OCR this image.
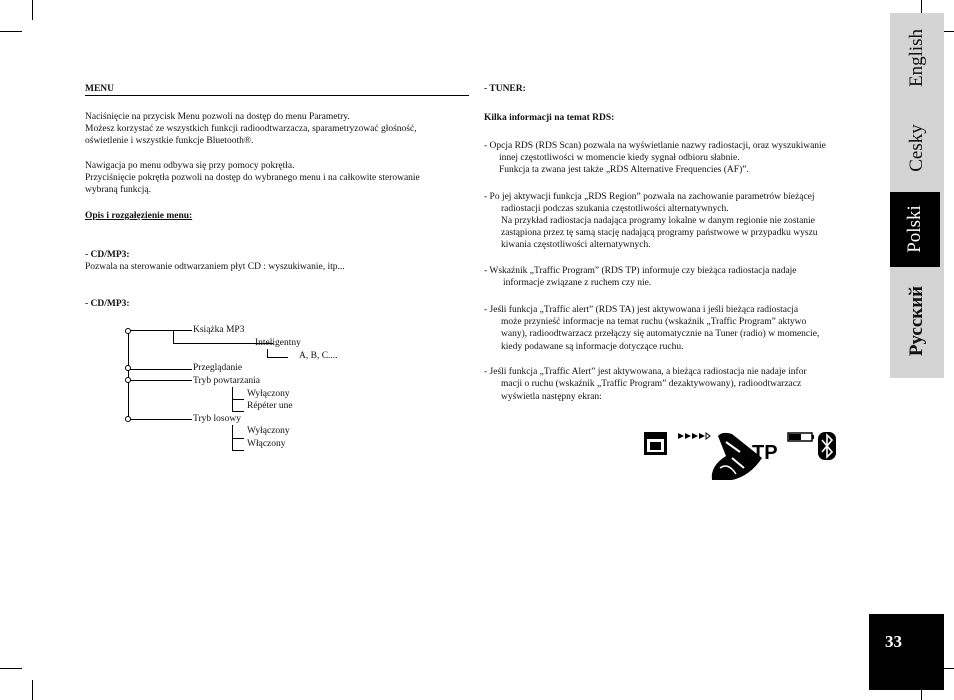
MENU
Naciśnięcie na przycisk Menu pozwoli na dostęp do menu Parametry.
Możesz korzystać ze wszystkich funkcji radioodtwarzacza, sparametryzować głośność,
oświetlenie i wszystkie funkcje Bluetooth®.
Nawigacja po menu odbywa się przy pomocy pokrętła.
Przyciśnięcie pokrętła pozwoli na dostęp do wybranego menu i na całkowite sterowanie
wybraną funkcją.
Opis i rozgałęzienie menu:
- CD/MP3:
Pozwala na sterowanie odtwarzaniem płyt CD : wyszukiwanie, itp...
- CD/MP3:
Książka MP3
Inteligentny
A, B, C....
Przeglądanie
Tryb powtarzania
Wyłączony
Répéter une
Tryb losowy
Wyłączony
Włączony
- TUNER:
Kilka informacji na temat RDS:
- Opcja RDS (RDS Scan) pozwala na wyświetlanie nazwy radiostacji, oraz wyszukiwanie
innej częstotliwości w momencie kiedy sygnał odbioru słabnie.
Funkcja ta zwana jest także „RDS Alternative Frequencies (AF)”.
- Po jej aktywacji funkcja „RDS Region” pozwala na zachowanie parametrów bieżącej
radiostacji podczas szukania częstotliwości alternatywnych.
Na przykład radiostacja nadająca programy lokalne w danym regionie nie zostanie
zastąpiona przez tę samą stację nadającą programy państwowe w przypadku wyszu
kiwania częstotliwości alternatywnych.
- Wskaźnik „Traffic Program” (RDS TP) informuje czy bieżąca radiostacja nadaje
informacje związane z ruchem czy nie.
- Jeśli funkcja „Traffic alert” (RDS TA) jest aktywowana i jeśli bieżąca radiostacja
może przynieść informacje na temat ruchu (wskaźnik „Traffic Program” aktywo
wany), radioodtwarzacz przełączy się automatycznie na Tuner (radio) w momencie,
kiedy podawane są informacje dotyczące ruchu.
- Jeśli funkcja „Traffic Alert” jest aktywowana, a bieżąca radiostacja nie nadaje infor
macji o ruchu (wskaźnik „Traffic Program” dezaktywowany), radioodtwarzacz
wyświetla następny ekran:
TP
English
Cesky
Polski
Русский
33
